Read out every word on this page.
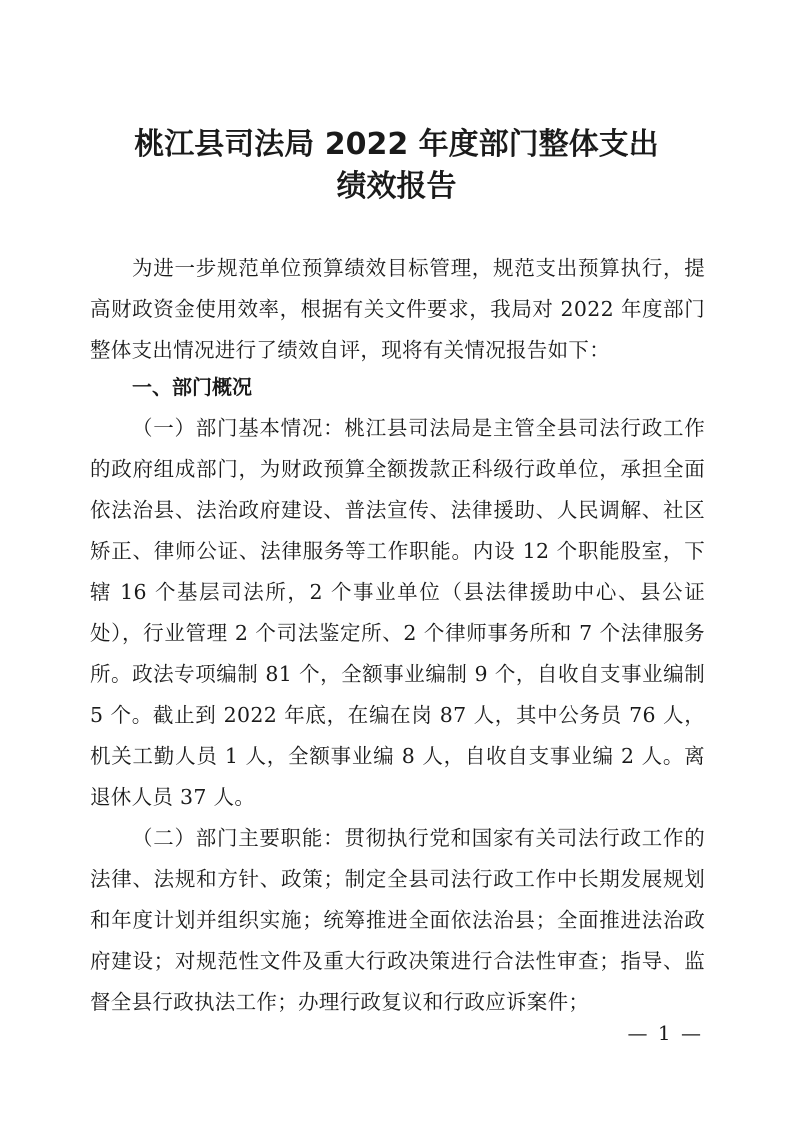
桃江县司法局 2022 年度部门整体支出
绩效报告

为进一步规范单位预算绩效目标管理，规范支出预算执行，提高财政资金使用效率，根据有关文件要求，我局对 2022 年度部门整体支出情况进行了绩效自评，现将有关情况报告如下：

一、部门概况

（一）部门基本情况：桃江县司法局是主管全县司法行政工作的政府组成部门，为财政预算全额拨款正科级行政单位，承担全面依法治县、法治政府建设、普法宣传、法律援助、人民调解、社区矫正、律师公证、法律服务等工作职能。内设 12 个职能股室，下辖 16 个基层司法所，2 个事业单位（县法律援助中心、县公证处），行业管理 2 个司法鉴定所、2 个律师事务所和 7 个法律服务所。政法专项编制 81 个，全额事业编制 9 个，自收自支事业编制 5 个。截止到 2022 年底，在编在岗 87 人，其中公务员 76 人，机关工勤人员 1 人，全额事业编 8 人，自收自支事业编 2 人。离退休人员 37 人。

（二）部门主要职能：贯彻执行党和国家有关司法行政工作的法律、法规和方针、政策；制定全县司法行政工作中长期发展规划和年度计划并组织实施；统筹推进全面依法治县；全面推进法治政府建设；对规范性文件及重大行政决策进行合法性审查；指导、监督全县行政执法工作；办理行政复议和行政应诉案件；

— 1 —
